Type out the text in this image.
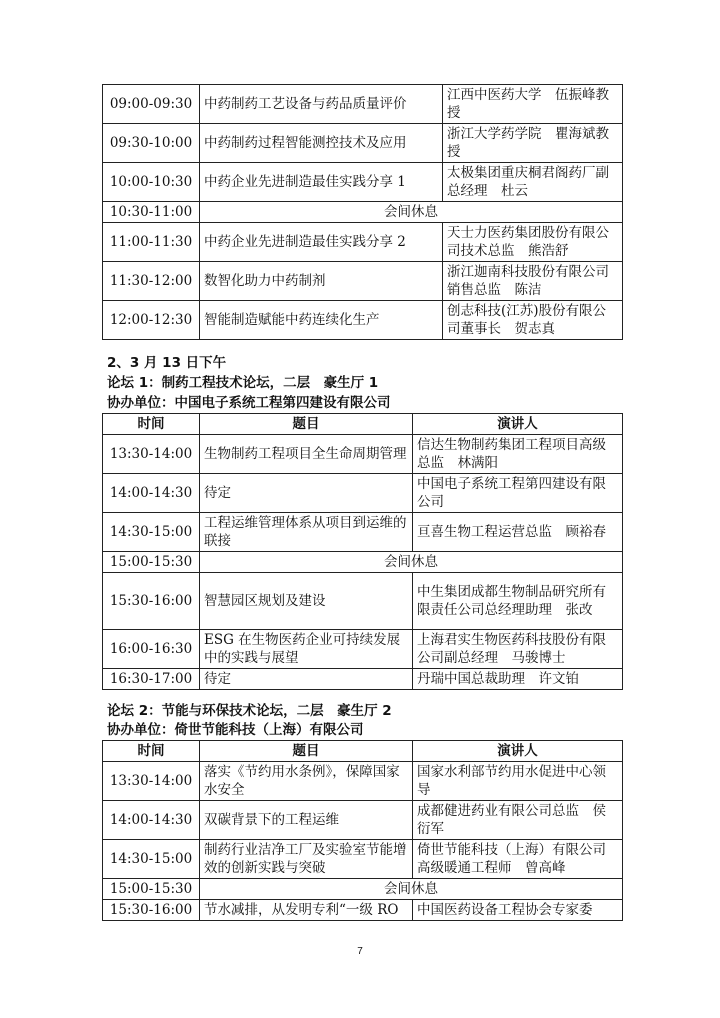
09:00-09:30	中药制药工艺设备与药品质量评价	江西中医药大学　伍振峰教授
09:30-10:00	中药制药过程智能测控技术及应用	浙江大学药学院　瞿海斌教授
10:00-10:30	中药企业先进制造最佳实践分享 1	太极集团重庆桐君阁药厂副总经理　杜云
10:30-11:00	会间休息	
11:00-11:30	中药企业先进制造最佳实践分享 2	天士力医药集团股份有限公司技术总监　熊浩舒
11:30-12:00	数智化助力中药制剂	浙江迦南科技股份有限公司销售总监　陈洁
12:00-12:30	智能制造赋能中药连续化生产	创志科技(江苏)股份有限公司董事长　贺志真
2、3 月 13 日下午
论坛 1：制药工程技术论坛，二层　豪生厅 1
协办单位：中国电子系统工程第四建设有限公司
时间	题目	演讲人
13:30-14:00	生物制药工程项目全生命周期管理	信达生物制药集团工程项目高级总监　林满阳
14:00-14:30	待定	中国电子系统工程第四建设有限公司
14:30-15:00	工程运维管理体系从项目到运维的联接	亘喜生物工程运营总监　顾裕春
15:00-15:30	会间休息	
15:30-16:00	智慧园区规划及建设	中生集团成都生物制品研究所有限责任公司总经理助理　张改
16:00-16:30	ESG 在生物医药企业可持续发展中的实践与展望	上海君实生物医药科技股份有限公司副总经理　马骏博士
16:30-17:00	待定	丹瑞中国总裁助理　许文铂
论坛 2：节能与环保技术论坛，二层　豪生厅 2
协办单位：倚世节能科技（上海）有限公司
时间	题目	演讲人
13:30-14:00	落实《节约用水条例》，保障国家水安全	国家水利部节约用水促进中心领导
14:00-14:30	双碳背景下的工程运维	成都健进药业有限公司总监　侯衍军
14:30-15:00	制药行业洁净工厂及实验室节能增效的创新实践与突破	倚世节能科技（上海）有限公司高级暖通工程师　曾高峰
15:00-15:30	会间休息	
15:30-16:00	节水减排，从发明专利“一级 RO	中国医药设备工程协会专家委
7
